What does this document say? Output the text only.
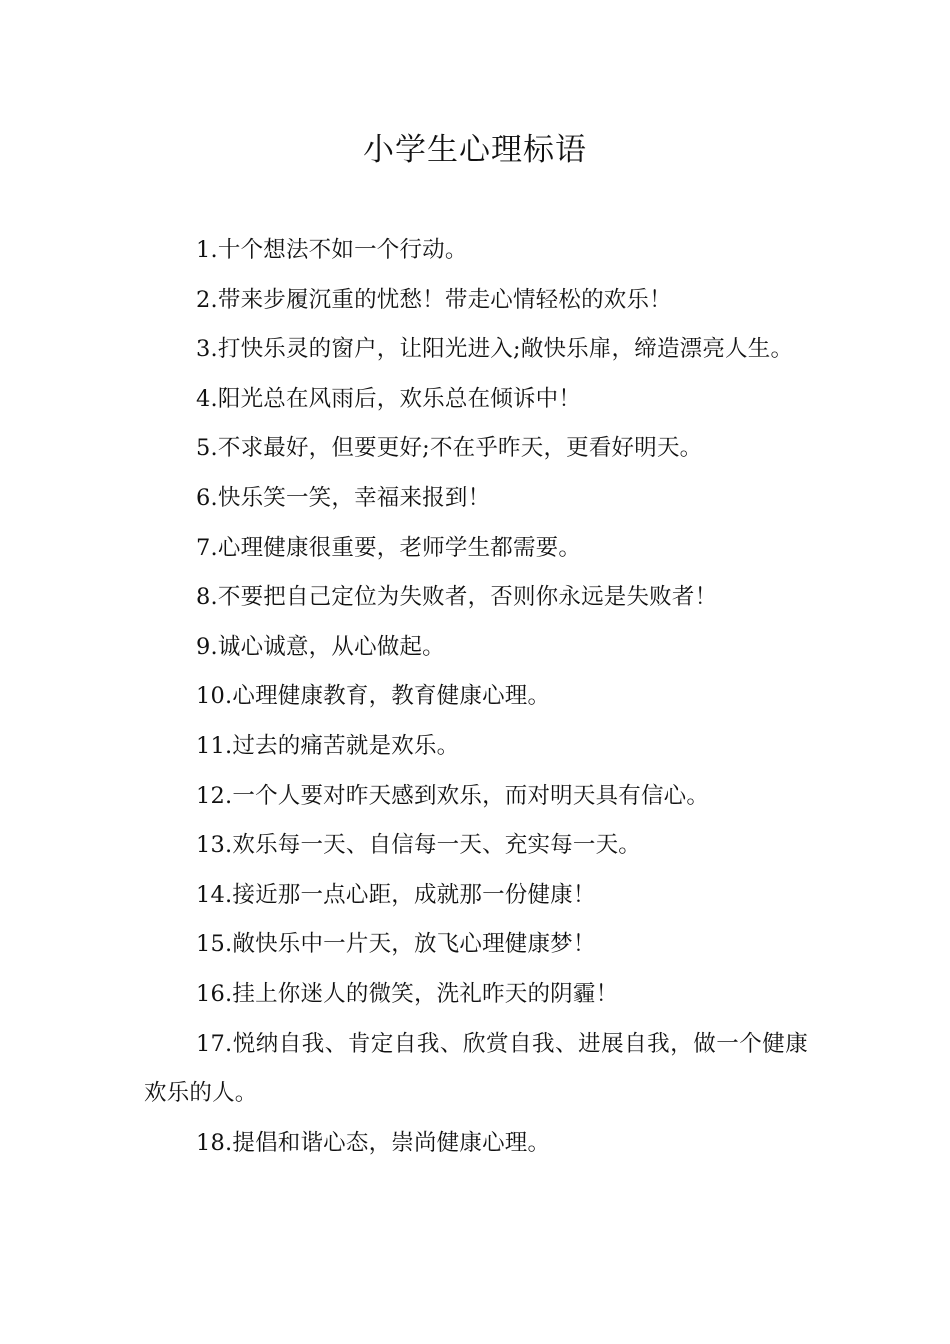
小学生心理标语

1.十个想法不如一个行动。

2.带来步履沉重的忧愁！带走心情轻松的欢乐！

3.打快乐灵的窗户，让阳光进入;敞快乐扉，缔造漂亮人生。

4.阳光总在风雨后，欢乐总在倾诉中！

5.不求最好，但要更好;不在乎昨天，更看好明天。

6.快乐笑一笑，幸福来报到！

7.心理健康很重要，老师学生都需要。

8.不要把自己定位为失败者，否则你永远是失败者！

9.诚心诚意，从心做起。

10.心理健康教育，教育健康心理。

11.过去的痛苦就是欢乐。

12.一个人要对昨天感到欢乐，而对明天具有信心。

13.欢乐每一天、自信每一天、充实每一天。

14.接近那一点心距，成就那一份健康！

15.敞快乐中一片天，放飞心理健康梦！

16.挂上你迷人的微笑，洗礼昨天的阴霾！

17.悦纳自我、肯定自我、欣赏自我、进展自我，做一个健康欢乐的人。

18.提倡和谐心态，崇尚健康心理。
